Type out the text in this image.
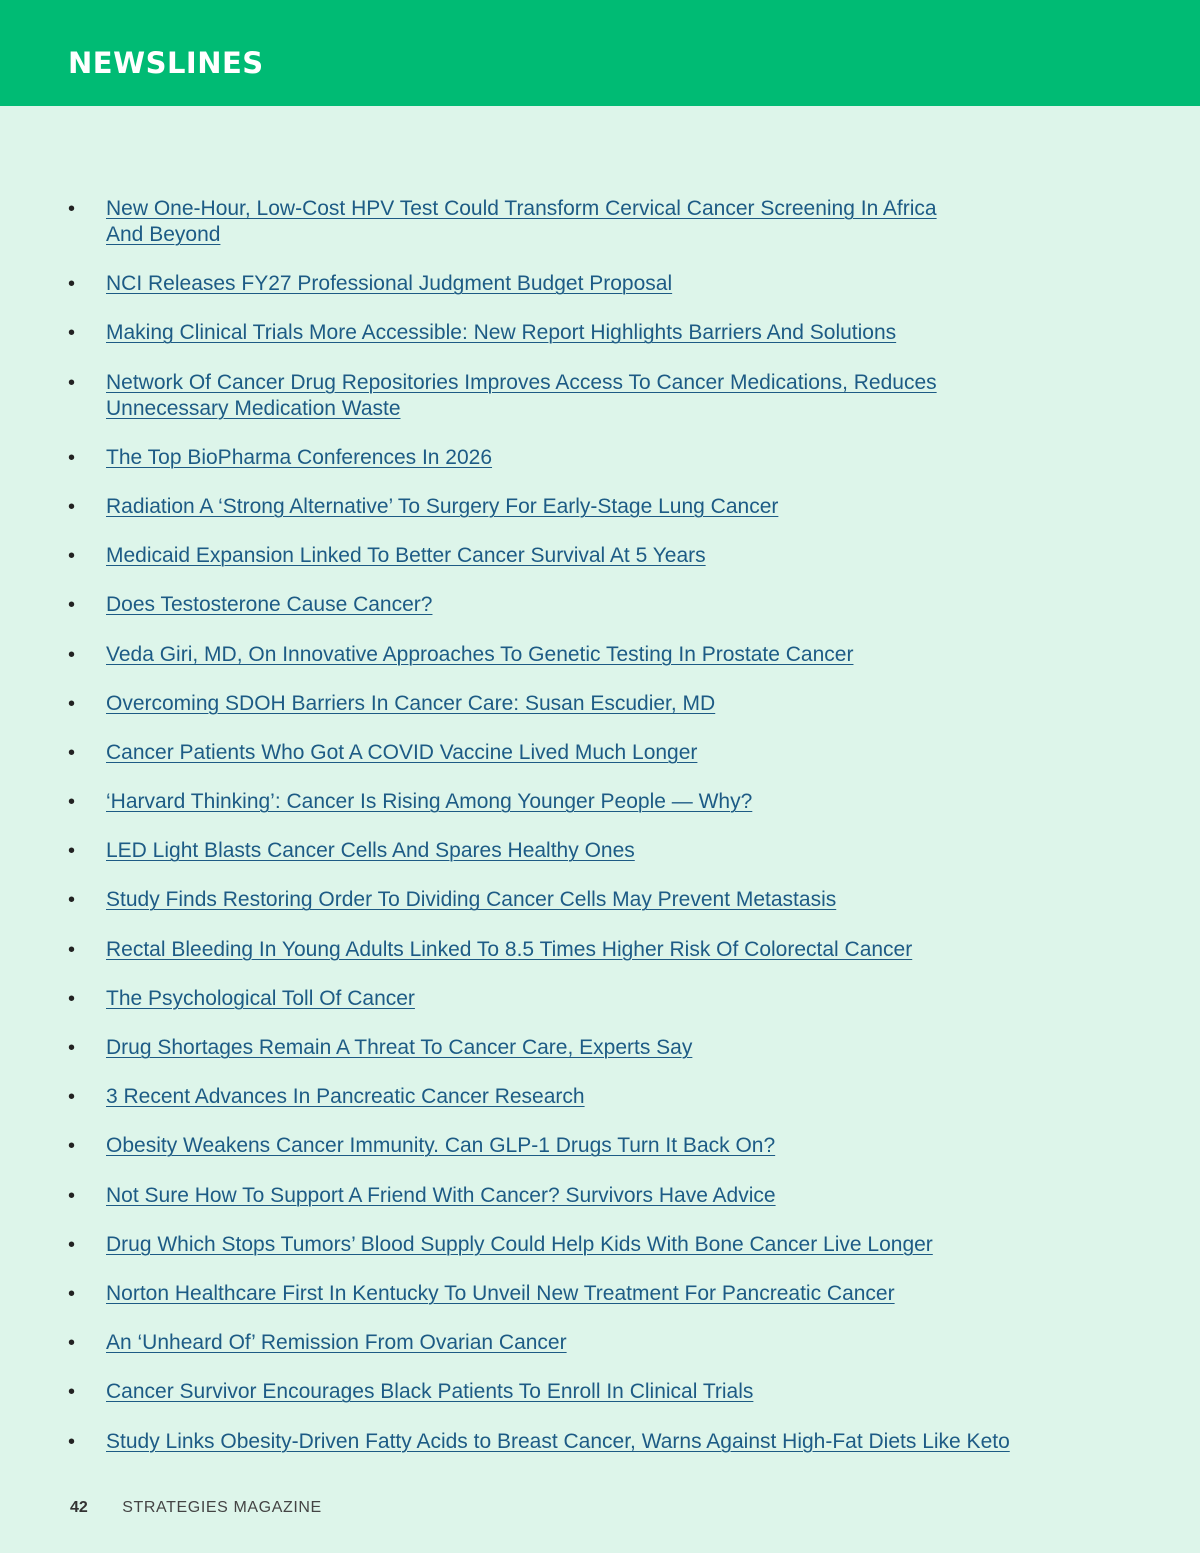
NEWSLINES
• New One-Hour, Low-Cost HPV Test Could Transform Cervical Cancer Screening In Africa And Beyond
• NCI Releases FY27 Professional Judgment Budget Proposal
• Making Clinical Trials More Accessible: New Report Highlights Barriers And Solutions
• Network Of Cancer Drug Repositories Improves Access To Cancer Medications, Reduces Unnecessary Medication Waste
• The Top BioPharma Conferences In 2026
• Radiation A ‘Strong Alternative’ To Surgery For Early-Stage Lung Cancer
• Medicaid Expansion Linked To Better Cancer Survival At 5 Years
• Does Testosterone Cause Cancer?
• Veda Giri, MD, On Innovative Approaches To Genetic Testing In Prostate Cancer
• Overcoming SDOH Barriers In Cancer Care: Susan Escudier, MD
• Cancer Patients Who Got A COVID Vaccine Lived Much Longer
• ‘Harvard Thinking’: Cancer Is Rising Among Younger People — Why?
• LED Light Blasts Cancer Cells And Spares Healthy Ones
• Study Finds Restoring Order To Dividing Cancer Cells May Prevent Metastasis
• Rectal Bleeding In Young Adults Linked To 8.5 Times Higher Risk Of Colorectal Cancer
• The Psychological Toll Of Cancer
• Drug Shortages Remain A Threat To Cancer Care, Experts Say
• 3 Recent Advances In Pancreatic Cancer Research
• Obesity Weakens Cancer Immunity. Can GLP-1 Drugs Turn It Back On?
• Not Sure How To Support A Friend With Cancer? Survivors Have Advice
• Drug Which Stops Tumors’ Blood Supply Could Help Kids With Bone Cancer Live Longer
• Norton Healthcare First In Kentucky To Unveil New Treatment For Pancreatic Cancer
• An ‘Unheard Of’ Remission From Ovarian Cancer
• Cancer Survivor Encourages Black Patients To Enroll In Clinical Trials
• Study Links Obesity-Driven Fatty Acids to Breast Cancer, Warns Against High-Fat Diets Like Keto
42 STRATEGIES MAGAZINE
